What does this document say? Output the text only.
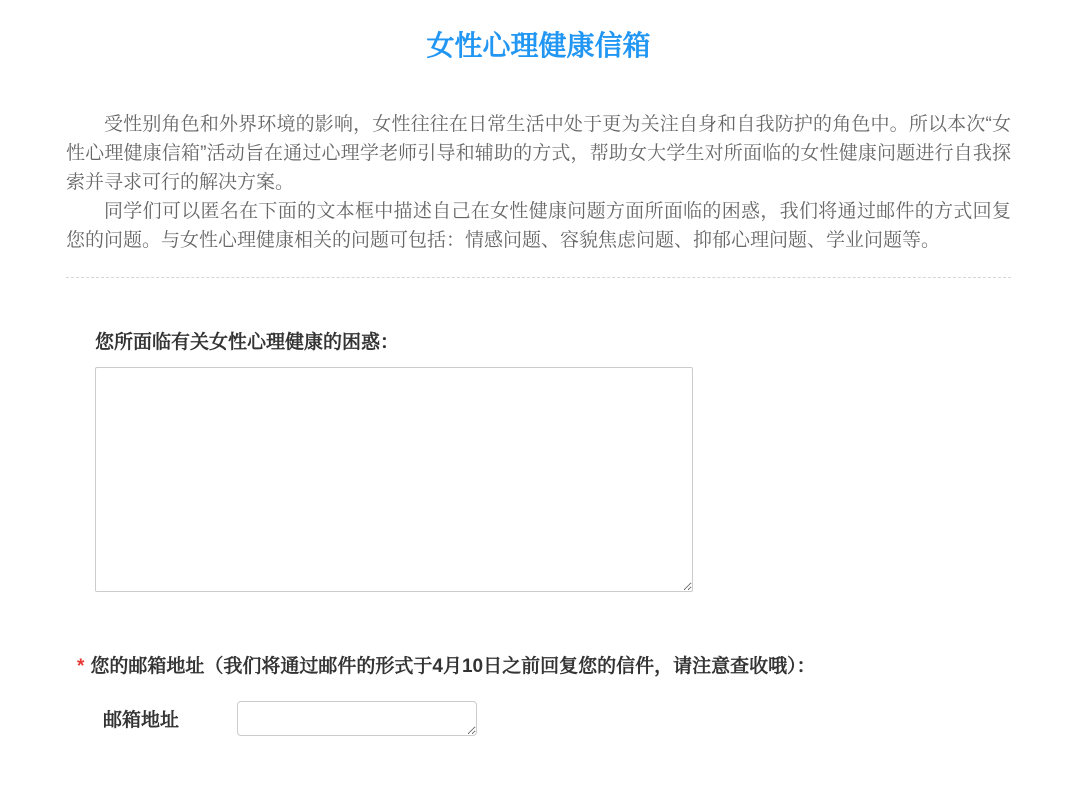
女性心理健康信箱

受性别角色和外界环境的影响，女性往往在日常生活中处于更为关注自身和自我防护的角色中。所以本次“女性心理健康信箱”活动旨在通过心理学老师引导和辅助的方式，帮助女大学生对所面临的女性健康问题进行自我探索并寻求可行的解决方案。

同学们可以匿名在下面的文本框中描述自己在女性健康问题方面所面临的困惑，我们将通过邮件的方式回复您的问题。与女性心理健康相关的问题可包括：情感问题、容貌焦虑问题、抑郁心理问题、学业问题等。

您所面临有关女性心理健康的困惑：
* 您的邮箱地址（我们将通过邮件的形式于4月10日之前回复您的信件，请注意查收哦）：
邮箱地址
